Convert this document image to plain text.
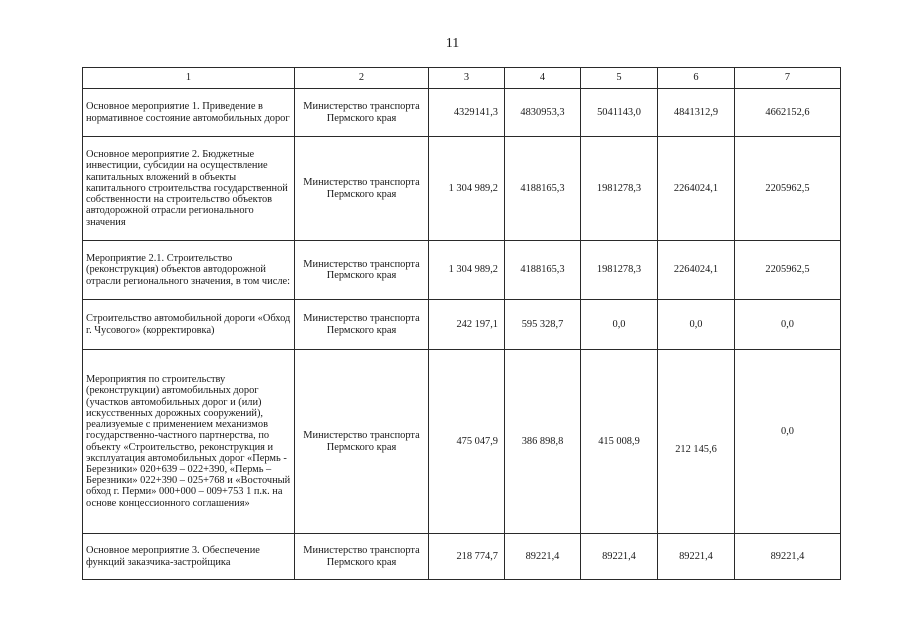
11
1	2	3	4	5	6	7
Основное мероприятие 1. Приведение в нормативное состояние автомобильных дорог	Министерство транспорта Пермского края	4329141,3	4830953,3	5041143,0	4841312,9	4662152,6
Основное мероприятие 2. Бюджетные инвестиции, субсидии на осуществление капитальных вложений в объекты капитального строительства государственной собственности на строительство объектов автодорожной отрасли регионального значения	Министерство транспорта Пермского края	1 304 989,2	4188165,3	1981278,3	2264024,1	2205962,5
Мероприятие 2.1. Строительство (реконструкция) объектов автодорожной отрасли регионального значения, в том числе:	Министерство транспорта Пермского края	1 304 989,2	4188165,3	1981278,3	2264024,1	2205962,5
Строительство автомобильной дороги «Обход г. Чусового» (корректировка)	Министерство транспорта Пермского края	242 197,1	595 328,7	0,0	0,0	0,0
Мероприятия по строительству (реконструкции) автомобильных дорог (участков автомобильных дорог и (или) искусственных дорожных сооружений), реализуемые с применением механизмов государственно-частного партнерства, по объекту «Строительство, реконструкция и эксплуатация автомобильных дорог «Пермь - Березники» 020+639 – 022+390, «Пермь – Березники» 022+390 – 025+768 и «Восточный обход г. Перми» 000+000 – 009+753 1 п.к. на основе концессионного соглашения»	Министерство транспорта Пермского края	475 047,9	386 898,8	415 008,9	212 145,6	0,0
Основное мероприятие 3. Обеспечение функций заказчика-застройщика	Министерство транспорта Пермского края	218 774,7	89221,4	89221,4	89221,4	89221,4
